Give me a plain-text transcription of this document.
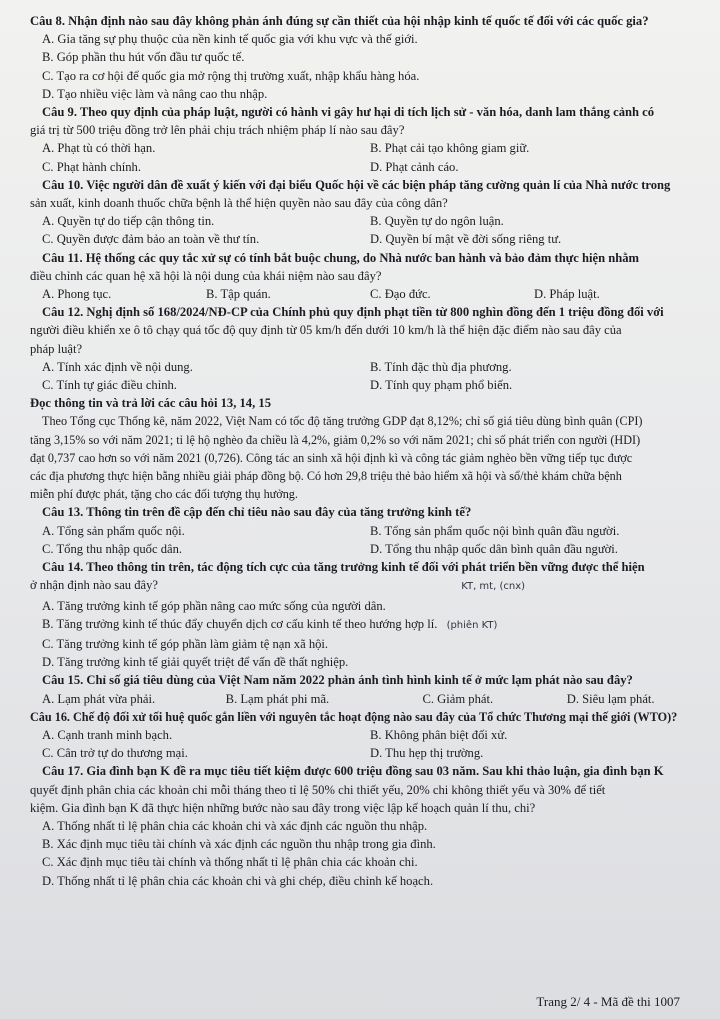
Câu 8. Nhận định nào sau đây không phản ánh đúng sự cần thiết của hội nhập kinh tế quốc tế đối với các quốc gia?
A. Gia tăng sự phụ thuộc của nền kinh tế quốc gia với khu vực và thế giới.
B. Góp phần thu hút vốn đầu tư quốc tế.
C. Tạo ra cơ hội để quốc gia mở rộng thị trường xuất, nhập khẩu hàng hóa.
D. Tạo nhiều việc làm và nâng cao thu nhập.
Câu 9. Theo quy định của pháp luật, người có hành vi gây hư hại di tích lịch sử - văn hóa, danh lam thắng cảnh có
giá trị từ 500 triệu đồng trở lên phải chịu trách nhiệm pháp lí nào sau đây?
A. Phạt tù có thời hạn.	B. Phạt cải tạo không giam giữ.
C. Phạt hành chính.	D. Phạt cảnh cáo.
Câu 10. Việc người dân đề xuất ý kiến với đại biểu Quốc hội về các biện pháp tăng cường quản lí của Nhà nước trong
sản xuất, kinh doanh thuốc chữa bệnh là thể hiện quyền nào sau đây của công dân?
A. Quyền tự do tiếp cận thông tin.	B. Quyền tự do ngôn luận.
C. Quyền được đảm bảo an toàn về thư tín.	D. Quyền bí mật về đời sống riêng tư.
Câu 11. Hệ thống các quy tắc xử sự có tính bắt buộc chung, do Nhà nước ban hành và bảo đảm thực hiện nhằm
điều chỉnh các quan hệ xã hội là nội dung của khái niệm nào sau đây?
A. Phong tục.	B. Tập quán.	C. Đạo đức.	D. Pháp luật.
Câu 12. Nghị định số 168/2024/NĐ-CP của Chính phủ quy định phạt tiền từ 800 nghìn đồng đến 1 triệu đồng đối với
người điều khiển xe ô tô chạy quá tốc độ quy định từ 05 km/h đến dưới 10 km/h là thể hiện đặc điểm nào sau đây của
pháp luật?
A. Tính xác định về nội dung.	B. Tính đặc thù địa phương.
C. Tính tự giác điều chỉnh.	D. Tính quy phạm phổ biến.
Đọc thông tin và trả lời các câu hỏi 13, 14, 15
Theo Tổng cục Thống kê, năm 2022, Việt Nam có tốc độ tăng trưởng GDP đạt 8,12%; chỉ số giá tiêu dùng bình quân (CPI)
tăng 3,15% so với năm 2021; tỉ lệ hộ nghèo đa chiều là 4,2%, giảm 0,2% so với năm 2021; chỉ số phát triển con người (HDI)
đạt 0,737 cao hơn so với năm 2021 (0,726). Công tác an sinh xã hội định kì và công tác giảm nghèo bền vững tiếp tục được
các địa phương thực hiện bằng nhiều giải pháp đồng bộ. Có hơn 29,8 triệu thẻ bảo hiểm xã hội và sổ/thẻ khám chữa bệnh
miễn phí được phát, tặng cho các đối tượng thụ hưởng.
Câu 13. Thông tin trên đề cập đến chỉ tiêu nào sau đây của tăng trưởng kinh tế?
A. Tổng sản phẩm quốc nội.	B. Tổng sản phẩm quốc nội bình quân đầu người.
C. Tổng thu nhập quốc dân.	D. Tổng thu nhập quốc dân bình quân đầu người.
Câu 14. Theo thông tin trên, tác động tích cực của tăng trưởng kinh tế đối với phát triển bền vững được thể hiện
ở nhận định nào sau đây?	KT, mt, (cnx)
A. Tăng trưởng kinh tế góp phần nâng cao mức sống của người dân.
B. Tăng trưởng kinh tế thúc đẩy chuyển dịch cơ cấu kinh tế theo hướng hợp lí. (phiên KT)
C. Tăng trưởng kinh tế góp phần làm giảm tệ nạn xã hội.
D. Tăng trưởng kinh tế giải quyết triệt để vấn đề thất nghiệp.
Câu 15. Chỉ số giá tiêu dùng của Việt Nam năm 2022 phản ánh tình hình kinh tế ở mức lạm phát nào sau đây?
A. Lạm phát vừa phải.	B. Lạm phát phi mã.	C. Giảm phát.	D. Siêu lạm phát.
Câu 16. Chế độ đối xử tối huệ quốc gắn liền với nguyên tắc hoạt động nào sau đây của Tổ chức Thương mại thế giới (WTO)?
A. Cạnh tranh minh bạch.	B. Không phân biệt đối xử.
C. Cân trở tự do thương mại.	D. Thu hẹp thị trường.
Câu 17. Gia đình bạn K đề ra mục tiêu tiết kiệm được 600 triệu đồng sau 03 năm. Sau khi thảo luận, gia đình bạn K
quyết định phân chia các khoản chi mỗi tháng theo tỉ lệ 50% chi thiết yếu, 20% chi không thiết yếu và 30% để tiết
kiệm. Gia đình bạn K đã thực hiện những bước nào sau đây trong việc lập kế hoạch quản lí thu, chi?
A. Thống nhất tỉ lệ phân chia các khoản chi và xác định các nguồn thu nhập.
B. Xác định mục tiêu tài chính và xác định các nguồn thu nhập trong gia đình.
C. Xác định mục tiêu tài chính và thống nhất tỉ lệ phân chia các khoản chi.
D. Thống nhất tỉ lệ phân chia các khoản chi và ghi chép, điều chỉnh kế hoạch.
Trang 2/ 4 - Mã đề thi 1007
